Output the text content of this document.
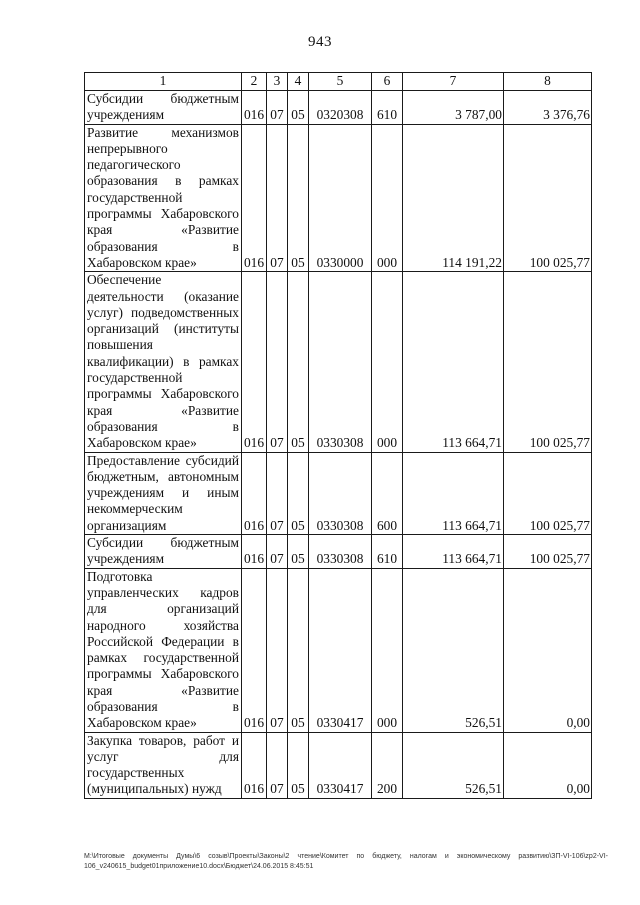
943
1	2	3	4	5	6	7	8
Субсидии бюджетным учреждениям	016	07	05	0320308	610	3 787,00	3 376,76
Развитие механизмов непрерывного педагогического образования в рамках государственной программы Хабаровского края «Развитие образования в Хабаровском крае»	016	07	05	0330000	000	114 191,22	100 025,77
Обеспечение деятельности (оказание услуг) подведомственных организаций (институты повышения квалификации) в рамках государственной программы Хабаровского края «Развитие образования в Хабаровском крае»	016	07	05	0330308	000	113 664,71	100 025,77
Предоставление субсидий бюджетным, автономным учреждениям и иным некоммерческим организациям	016	07	05	0330308	600	113 664,71	100 025,77
Субсидии бюджетным учреждениям	016	07	05	0330308	610	113 664,71	100 025,77
Подготовка управленческих кадров для организаций народного хозяйства Российской Федерации в рамках государственной программы Хабаровского края «Развитие образования в Хабаровском крае»	016	07	05	0330417	000	526,51	0,00
Закупка товаров, работ и услуг для государственных (муниципальных) нужд	016	07	05	0330417	200	526,51	0,00
M:\Итоговые документы Думы\6 созыв\Проекты\Законы\2 чтение\Комитет по бюджету, налогам и экономическому развитию\ЗП-VI-106\zp2-VI-106_v240615_budget01приложение10.docx\Бюджет\24.06.2015 8:45:51
